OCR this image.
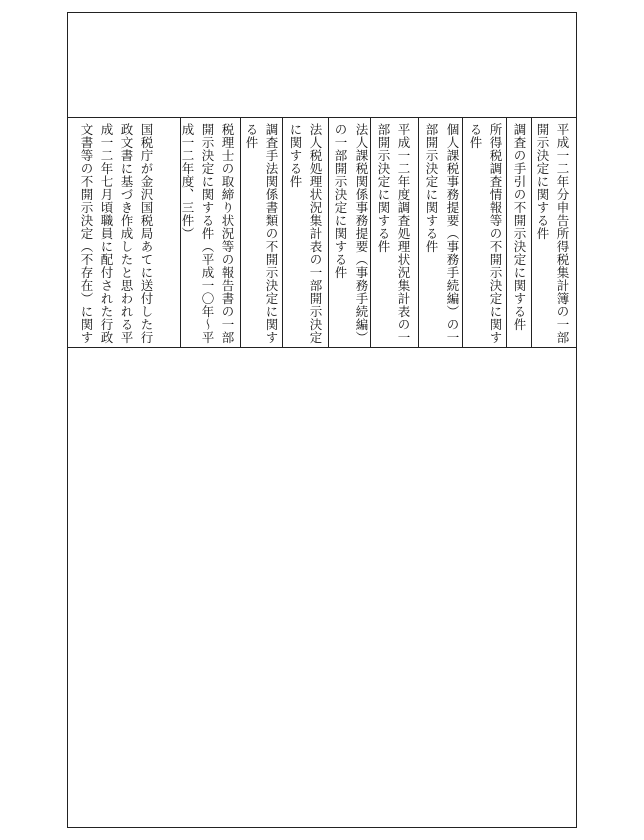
平成一二年分申告所得税集計簿の一部
開示決定に関する件
調査の手引の不開示決定に関する件
所得税調査情報等の不開示決定に関す
る件
個人課税事務提要（事務手続編）の一
部開示決定に関する件
平成一二年度調査処理状況集計表の一
部開示決定に関する件
法人課税関係事務提要（事務手続編）
の一部開示決定に関する件
法人税処理状況集計表の一部開示決定
に関する件
調査手法関係書類の不開示決定に関す
る件
税理士の取締り状況等の報告書の一部
開示決定に関する件（平成一〇年～平
成一二年度、三件）
国税庁が金沢国税局あてに送付した行
政文書に基づき作成したと思われる平
成一二年七月頃職員に配付された行政
文書等の不開示決定（不存在）に関す
